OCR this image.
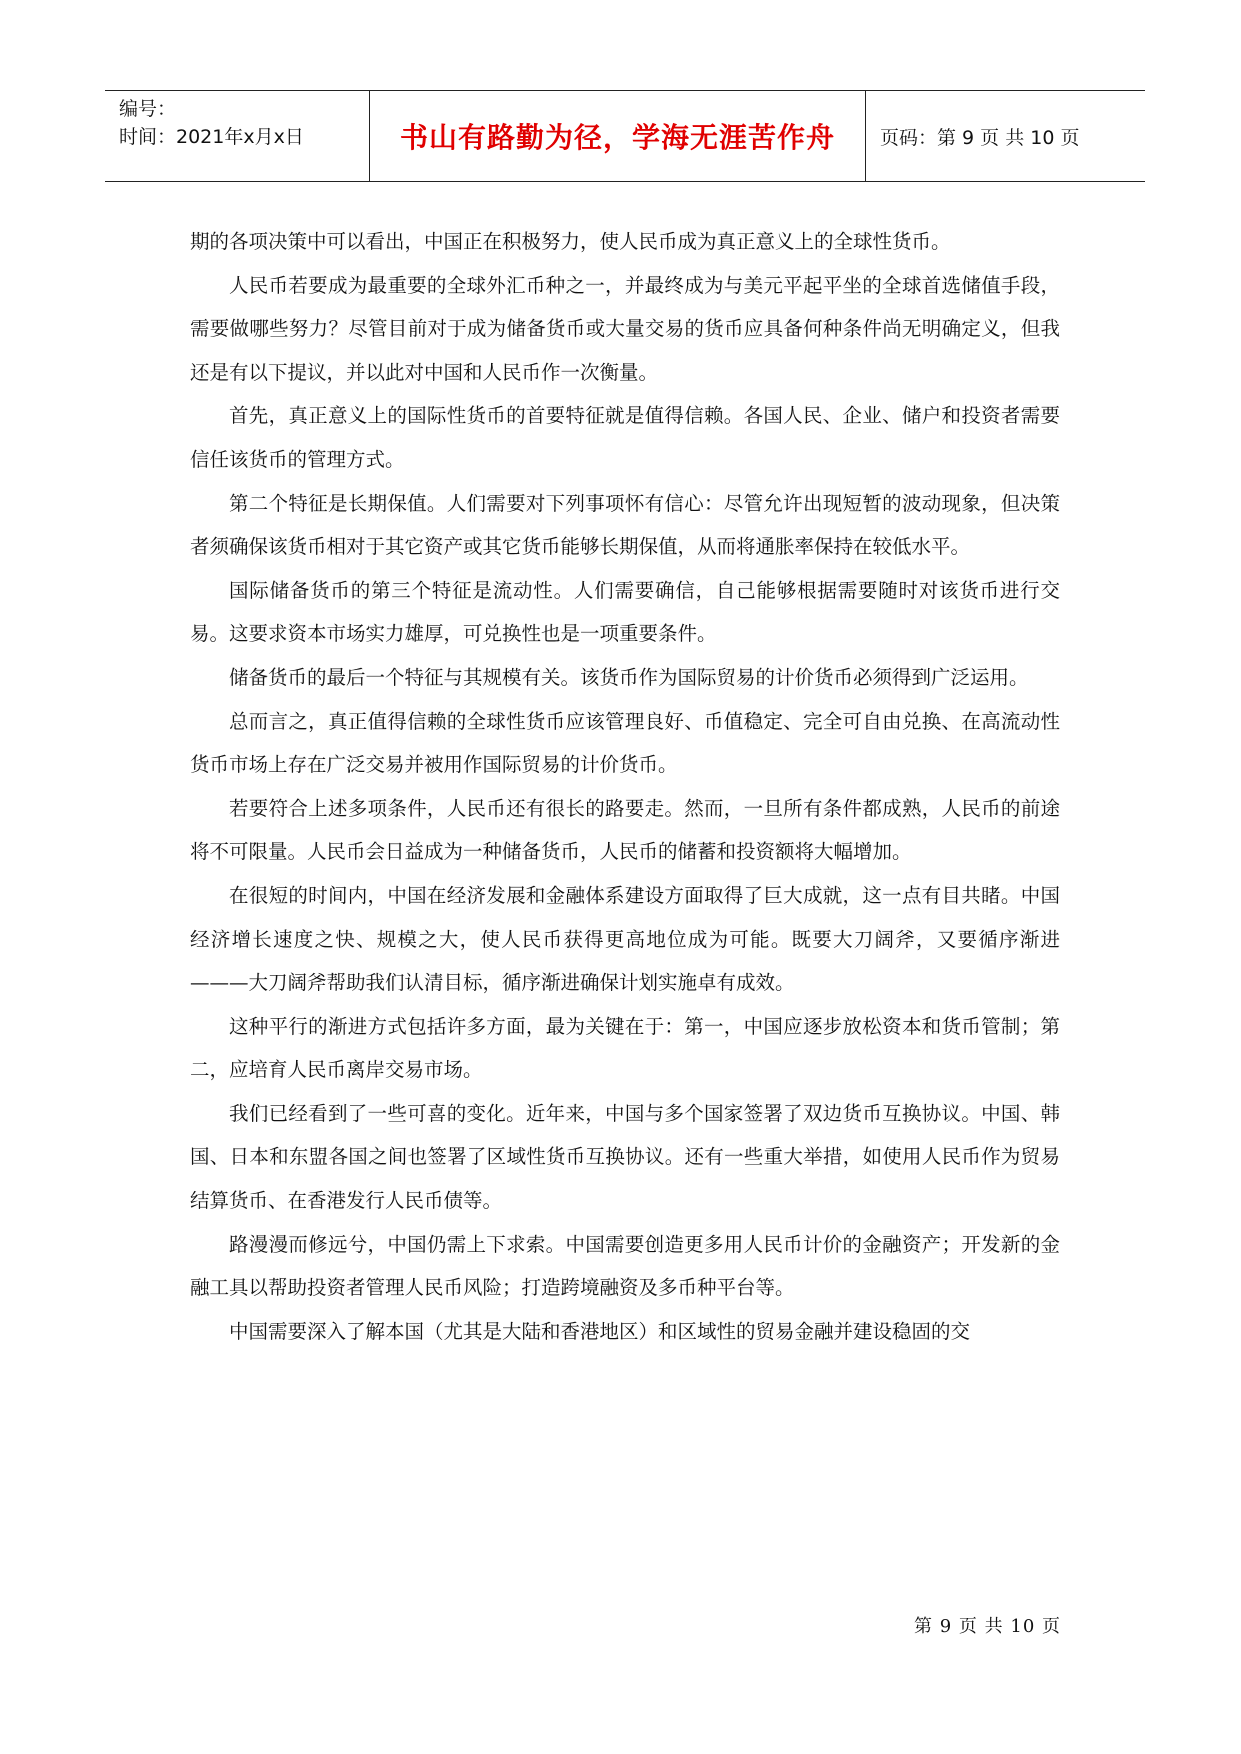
编号：
时间：2021年x月x日	书山有路勤为径，学海无涯苦作舟	页码：第 9 页 共 10 页

期的各项决策中可以看出，中国正在积极努力，使人民币成为真正意义上的全球性货币。

人民币若要成为最重要的全球外汇币种之一，并最终成为与美元平起平坐的全球首选储值手段，需要做哪些努力？尽管目前对于成为储备货币或大量交易的货币应具备何种条件尚无明确定义，但我还是有以下提议，并以此对中国和人民币作一次衡量。

首先，真正意义上的国际性货币的首要特征就是值得信赖。各国人民、企业、储户和投资者需要信任该货币的管理方式。

第二个特征是长期保值。人们需要对下列事项怀有信心：尽管允许出现短暂的波动现象，但决策者须确保该货币相对于其它资产或其它货币能够长期保值，从而将通胀率保持在较低水平。

国际储备货币的第三个特征是流动性。人们需要确信，自己能够根据需要随时对该货币进行交易。这要求资本市场实力雄厚，可兑换性也是一项重要条件。

储备货币的最后一个特征与其规模有关。该货币作为国际贸易的计价货币必须得到广泛运用。

总而言之，真正值得信赖的全球性货币应该管理良好、币值稳定、完全可自由兑换、在高流动性货币市场上存在广泛交易并被用作国际贸易的计价货币。

若要符合上述多项条件，人民币还有很长的路要走。然而，一旦所有条件都成熟，人民币的前途将不可限量。人民币会日益成为一种储备货币，人民币的储蓄和投资额将大幅增加。

在很短的时间内，中国在经济发展和金融体系建设方面取得了巨大成就，这一点有目共睹。中国经济增长速度之快、规模之大，使人民币获得更高地位成为可能。既要大刀阔斧，又要循序渐进———大刀阔斧帮助我们认清目标，循序渐进确保计划实施卓有成效。

这种平行的渐进方式包括许多方面，最为关键在于：第一，中国应逐步放松资本和货币管制；第二，应培育人民币离岸交易市场。

我们已经看到了一些可喜的变化。近年来，中国与多个国家签署了双边货币互换协议。中国、韩国、日本和东盟各国之间也签署了区域性货币互换协议。还有一些重大举措，如使用人民币作为贸易结算货币、在香港发行人民币债等。

路漫漫而修远兮，中国仍需上下求索。中国需要创造更多用人民币计价的金融资产；开发新的金融工具以帮助投资者管理人民币风险；打造跨境融资及多币种平台等。

中国需要深入了解本国（尤其是大陆和香港地区）和区域性的贸易金融并建设稳固的交

第 9 页 共 10 页
